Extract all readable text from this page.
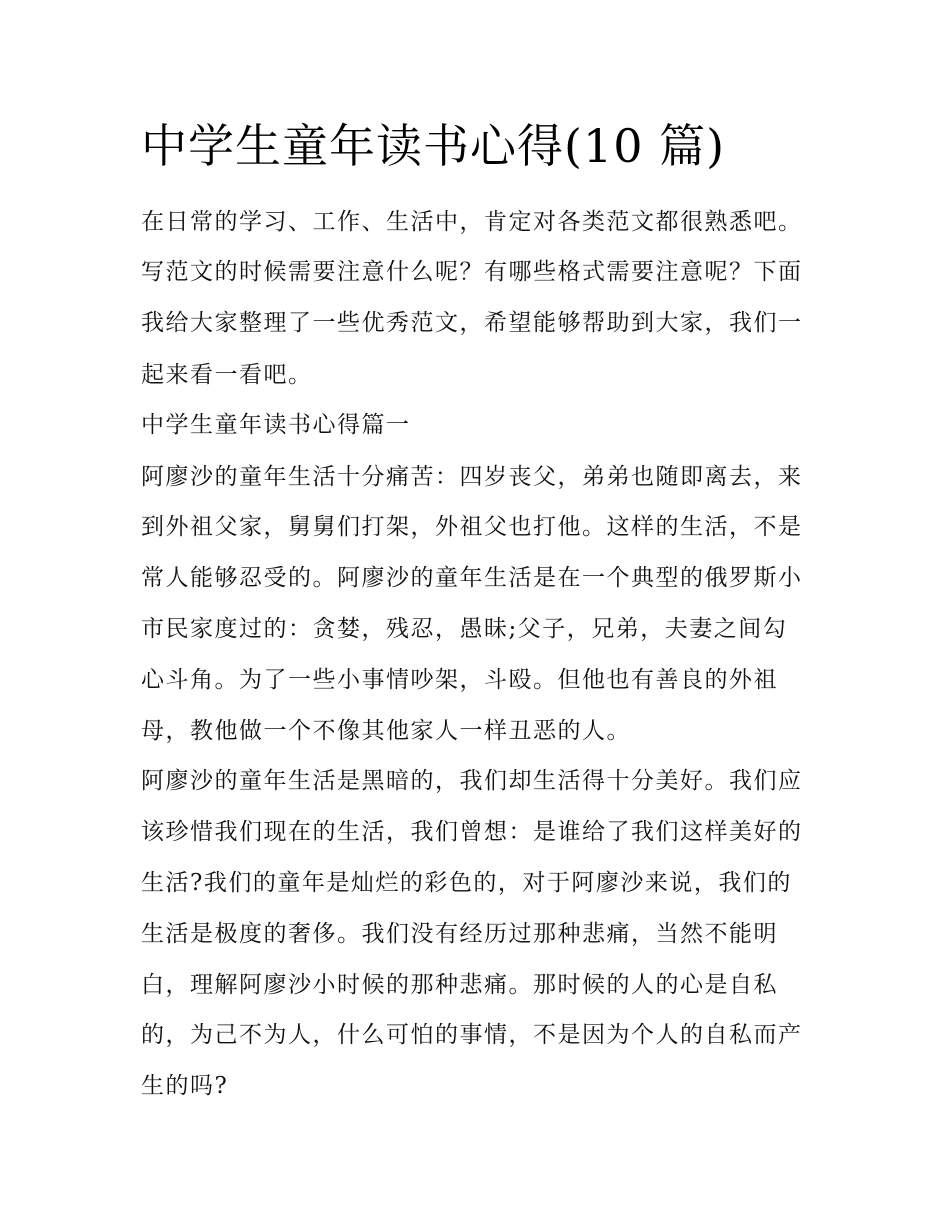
中学生童年读书心得(10 篇)
在日常的学习、工作、生活中，肯定对各类范文都很熟悉吧。
写范文的时候需要注意什么呢？有哪些格式需要注意呢？下面
我给大家整理了一些优秀范文，希望能够帮助到大家，我们一
起来看一看吧。
中学生童年读书心得篇一
阿廖沙的童年生活十分痛苦：四岁丧父，弟弟也随即离去，来
到外祖父家，舅舅们打架，外祖父也打他。这样的生活，不是
常人能够忍受的。阿廖沙的童年生活是在一个典型的俄罗斯小
市民家度过的：贪婪，残忍，愚昧;父子，兄弟，夫妻之间勾
心斗角。为了一些小事情吵架，斗殴。但他也有善良的外祖
母，教他做一个不像其他家人一样丑恶的人。
阿廖沙的童年生活是黑暗的，我们却生活得十分美好。我们应
该珍惜我们现在的生活，我们曾想：是谁给了我们这样美好的
生活?我们的童年是灿烂的彩色的，对于阿廖沙来说，我们的
生活是极度的奢侈。我们没有经历过那种悲痛，当然不能明
白，理解阿廖沙小时候的那种悲痛。那时候的人的心是自私
的，为己不为人，什么可怕的事情，不是因为个人的自私而产
生的吗?
